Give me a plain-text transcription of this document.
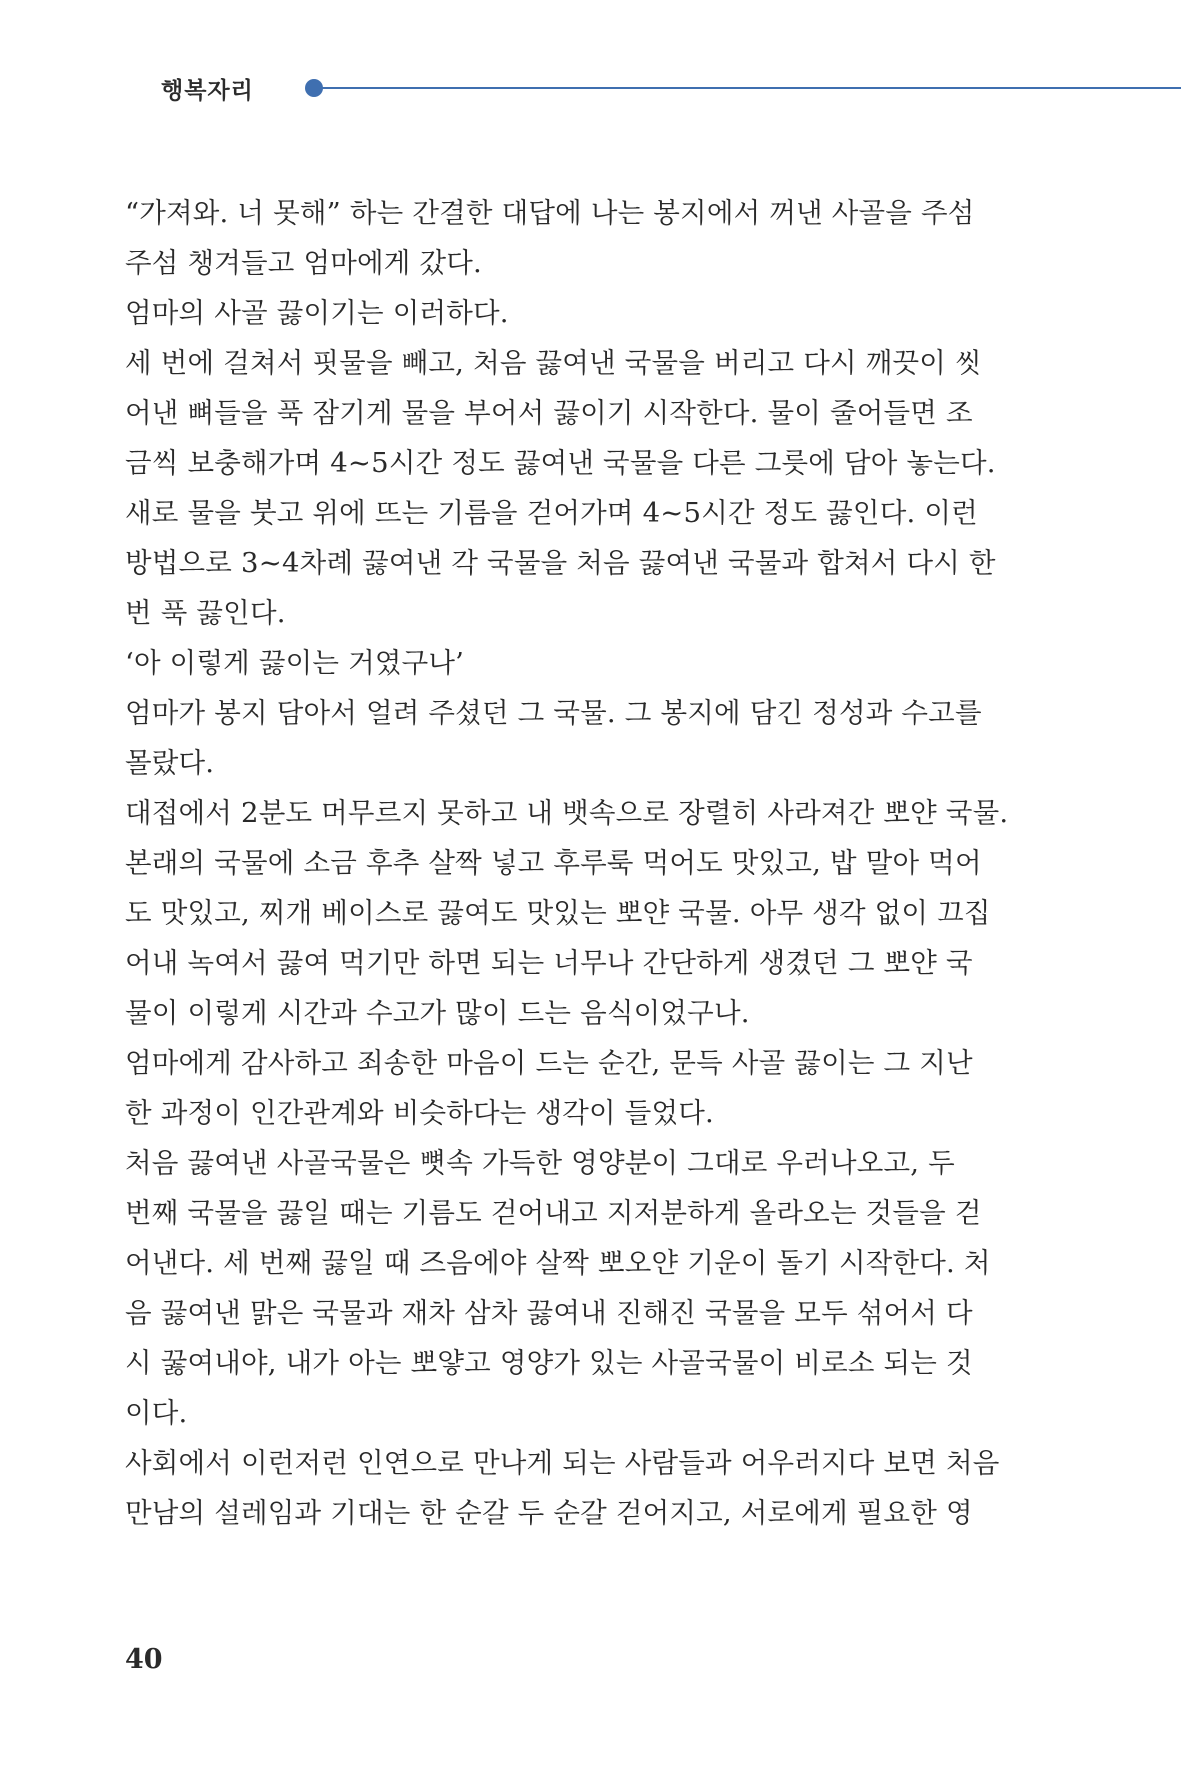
행복자리
“가져와. 너 못해” 하는 간결한 대답에 나는 봉지에서 꺼낸 사골을 주섬
주섬 챙겨들고 엄마에게 갔다.
엄마의 사골 끓이기는 이러하다.
세 번에 걸쳐서 핏물을 빼고, 처음 끓여낸 국물을 버리고 다시 깨끗이 씻
어낸 뼈들을 푹 잠기게 물을 부어서 끓이기 시작한다. 물이 줄어들면 조
금씩 보충해가며 4~5시간 정도 끓여낸 국물을 다른 그릇에 담아 놓는다.
새로 물을 붓고 위에 뜨는 기름을 걷어가며 4~5시간 정도 끓인다. 이런
방법으로 3~4차례 끓여낸 각 국물을 처음 끓여낸 국물과 합쳐서 다시 한
번 푹 끓인다.
‘아 이렇게 끓이는 거였구나’
엄마가 봉지 담아서 얼려 주셨던 그 국물. 그 봉지에 담긴 정성과 수고를
몰랐다.
대접에서 2분도 머무르지 못하고 내 뱃속으로 장렬히 사라져간 뽀얀 국물.
본래의 국물에 소금 후추 살짝 넣고 후루룩 먹어도 맛있고, 밥 말아 먹어
도 맛있고, 찌개 베이스로 끓여도 맛있는 뽀얀 국물. 아무 생각 없이 끄집
어내 녹여서 끓여 먹기만 하면 되는 너무나 간단하게 생겼던 그 뽀얀 국
물이 이렇게 시간과 수고가 많이 드는 음식이었구나.
엄마에게 감사하고 죄송한 마음이 드는 순간, 문득 사골 끓이는 그 지난
한 과정이 인간관계와 비슷하다는 생각이 들었다.
처음 끓여낸 사골국물은 뼛속 가득한 영양분이 그대로 우러나오고, 두
번째 국물을 끓일 때는 기름도 걷어내고 지저분하게 올라오는 것들을 걷
어낸다. 세 번째 끓일 때 즈음에야 살짝 뽀오얀 기운이 돌기 시작한다. 처
음 끓여낸 맑은 국물과 재차 삼차 끓여내 진해진 국물을 모두 섞어서 다
시 꿇여내야, 내가 아는 뽀얗고 영양가 있는 사골국물이 비로소 되는 것
이다.
사회에서 이런저런 인연으로 만나게 되는 사람들과 어우러지다 보면 처음
만남의 설레임과 기대는 한 순갈 두 순갈 걷어지고, 서로에게 필요한 영
40
